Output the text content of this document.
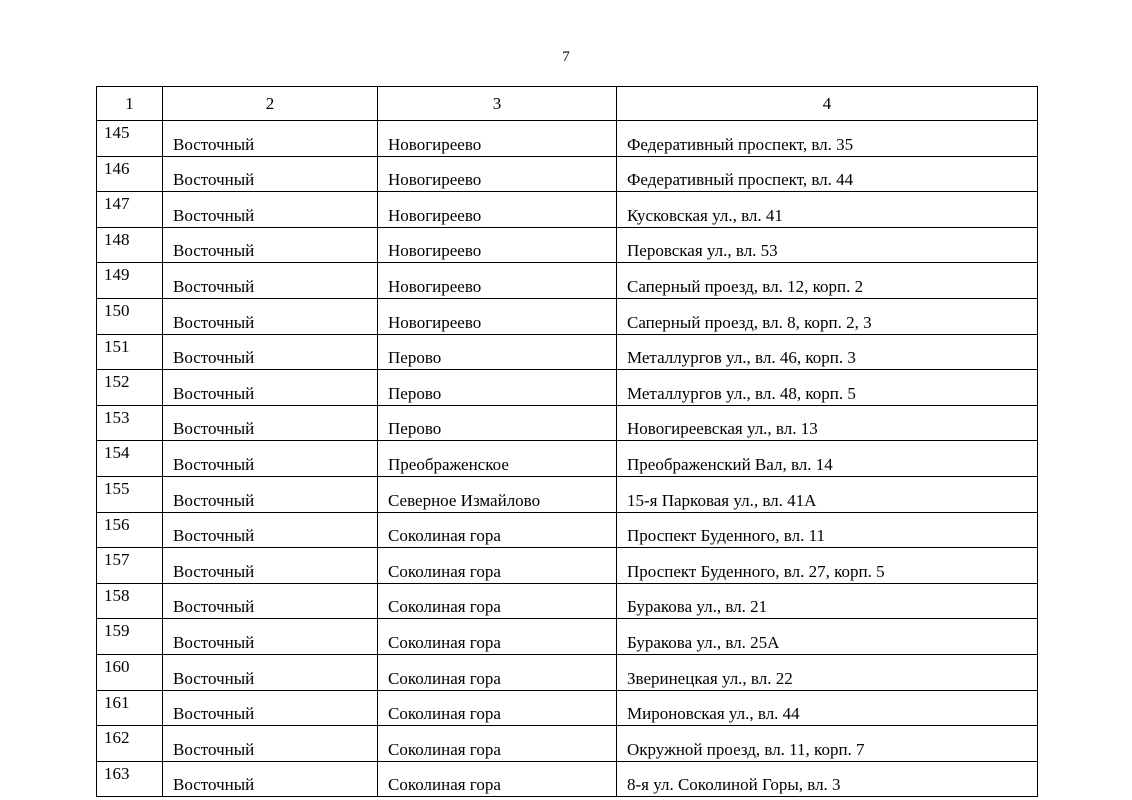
7
1	2	3	4
145	Восточный	Новогиреево	Федеративный проспект, вл. 35
146	Восточный	Новогиреево	Федеративный проспект, вл. 44
147	Восточный	Новогиреево	Кусковская ул., вл. 41
148	Восточный	Новогиреево	Перовская ул., вл. 53
149	Восточный	Новогиреево	Саперный проезд, вл. 12, корп. 2
150	Восточный	Новогиреево	Саперный проезд, вл. 8, корп. 2, 3
151	Восточный	Перово	Металлургов ул., вл. 46, корп. 3
152	Восточный	Перово	Металлургов ул., вл. 48, корп. 5
153	Восточный	Перово	Новогиреевская ул., вл. 13
154	Восточный	Преображенское	Преображенский Вал, вл. 14
155	Восточный	Северное Измайлово	15-я Парковая ул., вл. 41А
156	Восточный	Соколиная гора	Проспект Буденного, вл. 11
157	Восточный	Соколиная гора	Проспект Буденного, вл. 27, корп. 5
158	Восточный	Соколиная гора	Буракова ул., вл. 21
159	Восточный	Соколиная гора	Буракова ул., вл. 25А
160	Восточный	Соколиная гора	Зверинецкая ул., вл. 22
161	Восточный	Соколиная гора	Мироновская ул., вл. 44
162	Восточный	Соколиная гора	Окружной проезд, вл. 11, корп. 7
163	Восточный	Соколиная гора	8-я ул. Соколиной Горы, вл. 3
